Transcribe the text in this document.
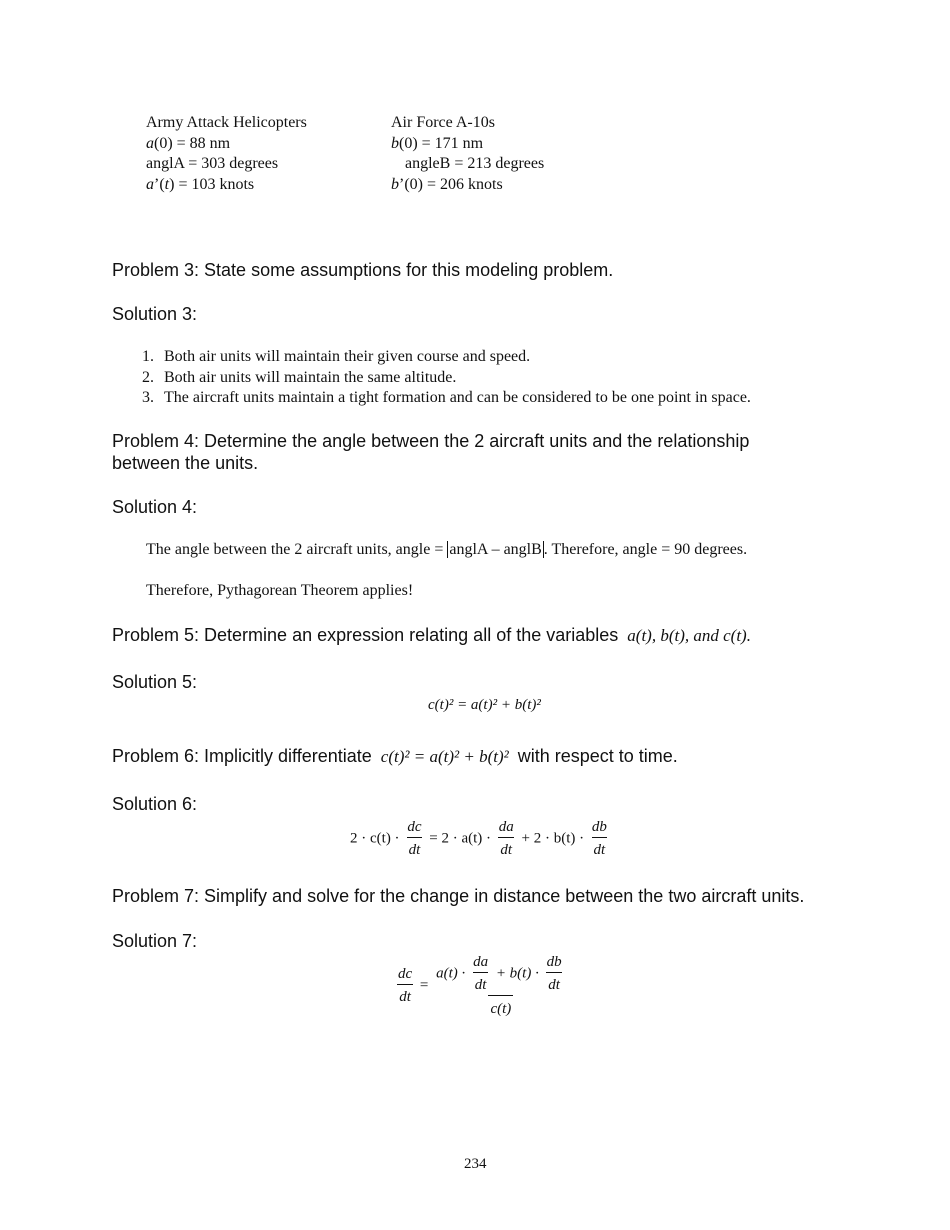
Army Attack Helicopters
a(0) = 88 nm
anglA = 303 degrees
a’(t) = 103 knots
Air Force A-10s
b(0) = 171 nm
angleB = 213 degrees
b’(0) = 206 knots
Problem 3: State some assumptions for this modeling problem.
Solution 3:
1. Both air units will maintain their given course and speed.
2. Both air units will maintain the same altitude.
3. The aircraft units maintain a tight formation and can be considered to be one point in space.
Problem 4: Determine the angle between the 2 aircraft units and the relationship
between the units.
Solution 4:
The angle between the 2 aircraft units, angle = anglA – anglB . Therefore, angle = 90 degrees.
Therefore, Pythagorean Theorem applies!
Problem 5: Determine an expression relating all of the variables a(t), b(t), and c(t).
Solution 5:
c(t)² = a(t)² + b(t)²
Problem 6: Implicitly differentiate c(t)² = a(t)² + b(t)² with respect to time.
Solution 6:
$2 \cdot c(t) \cdot \frac{dc}{dt} = 2 \cdot a(t) \cdot \frac{da}{dt} + 2 \cdot b(t) \cdot \frac{db}{dt}$
Problem 7: Simplify and solve for the change in distance between the two aircraft units.
Solution 7:
$\frac{dc}{dt} = \frac{a(t) \cdot \frac{da}{dt} + b(t) \cdot \frac{db}{dt}}{c(t)}$
234
